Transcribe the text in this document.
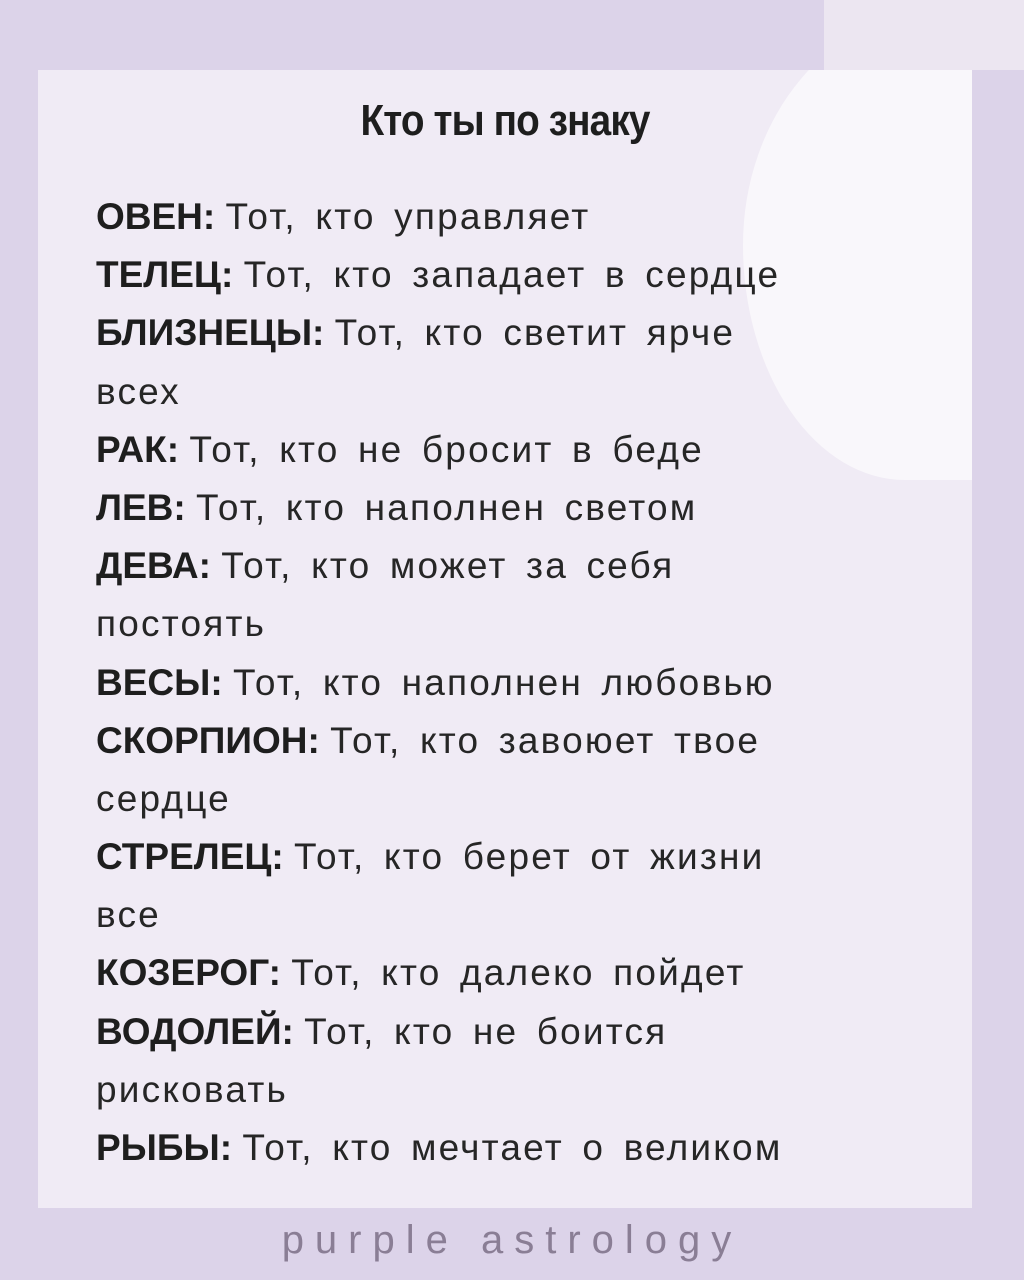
Кто ты по знаку
ОВЕН: Тот, кто управляет
ТЕЛЕЦ: Тот, кто западает в сердце
БЛИЗНЕЦЫ: Тот, кто светит ярче
всех
РАК: Тот, кто не бросит в беде
ЛЕВ: Тот, кто наполнен светом
ДЕВА: Тот, кто может за себя
постоять
ВЕСЫ: Тот, кто наполнен любовью
СКОРПИОН: Тот, кто завоюет твое
сердце
СТРЕЛЕЦ: Тот, кто берет от жизни
все
КОЗЕРОГ: Тот, кто далеко пойдет
ВОДОЛЕЙ: Тот, кто не боится
рисковать
РЫБЫ: Тот, кто мечтает о великом
purple astrology
